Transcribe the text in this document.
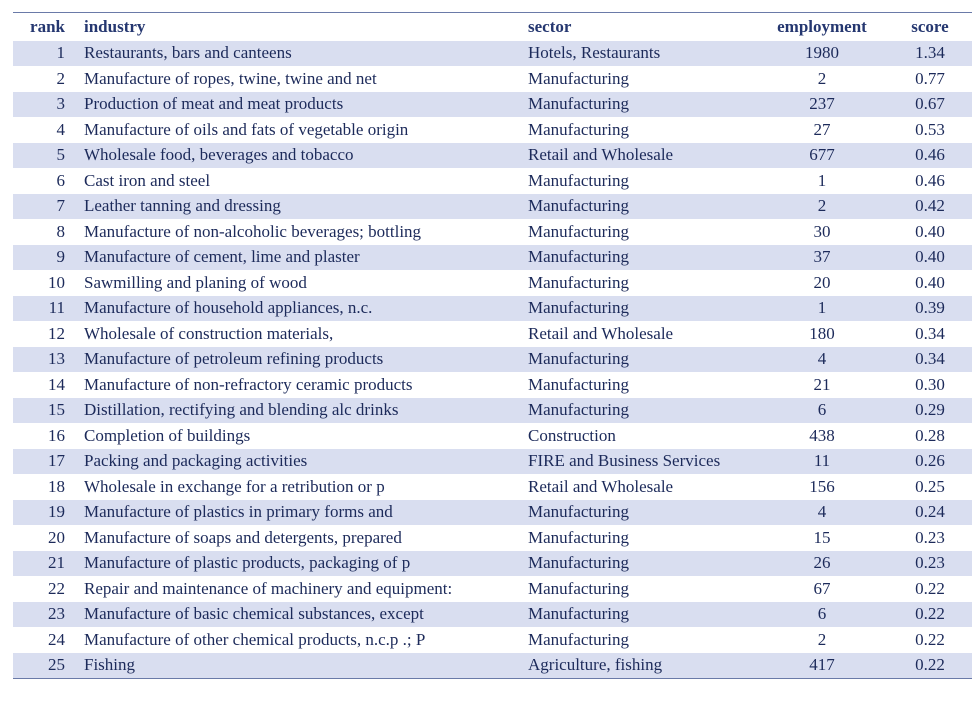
rank	industry	sector	employment	score
1	Restaurants, bars and canteens	Hotels, Restaurants	1980	1.34
2	Manufacture of ropes, twine, twine and net	Manufacturing	2	0.77
3	Production of meat and meat products	Manufacturing	237	0.67
4	Manufacture of oils and fats of vegetable origin	Manufacturing	27	0.53
5	Wholesale food, beverages and tobacco	Retail and Wholesale	677	0.46
6	Cast iron and steel	Manufacturing	1	0.46
7	Leather tanning and dressing	Manufacturing	2	0.42
8	Manufacture of non-alcoholic beverages; bottling	Manufacturing	30	0.40
9	Manufacture of cement, lime and plaster	Manufacturing	37	0.40
10	Sawmilling and planing of wood	Manufacturing	20	0.40
11	Manufacture of household appliances, n.c.	Manufacturing	1	0.39
12	Wholesale of construction materials,	Retail and Wholesale	180	0.34
13	Manufacture of petroleum refining products	Manufacturing	4	0.34
14	Manufacture of non-refractory ceramic products	Manufacturing	21	0.30
15	Distillation, rectifying and blending alc drinks	Manufacturing	6	0.29
16	Completion of buildings	Construction	438	0.28
17	Packing and packaging activities	FIRE and Business Services	11	0.26
18	Wholesale in exchange for a retribution or p	Retail and Wholesale	156	0.25
19	Manufacture of plastics in primary forms and	Manufacturing	4	0.24
20	Manufacture of soaps and detergents, prepared	Manufacturing	15	0.23
21	Manufacture of plastic products, packaging of p	Manufacturing	26	0.23
22	Repair and maintenance of machinery and equipment:	Manufacturing	67	0.22
23	Manufacture of basic chemical substances, except	Manufacturing	6	0.22
24	Manufacture of other chemical products, n.c.p .; P	Manufacturing	2	0.22
25	Fishing	Agriculture, fishing	417	0.22
